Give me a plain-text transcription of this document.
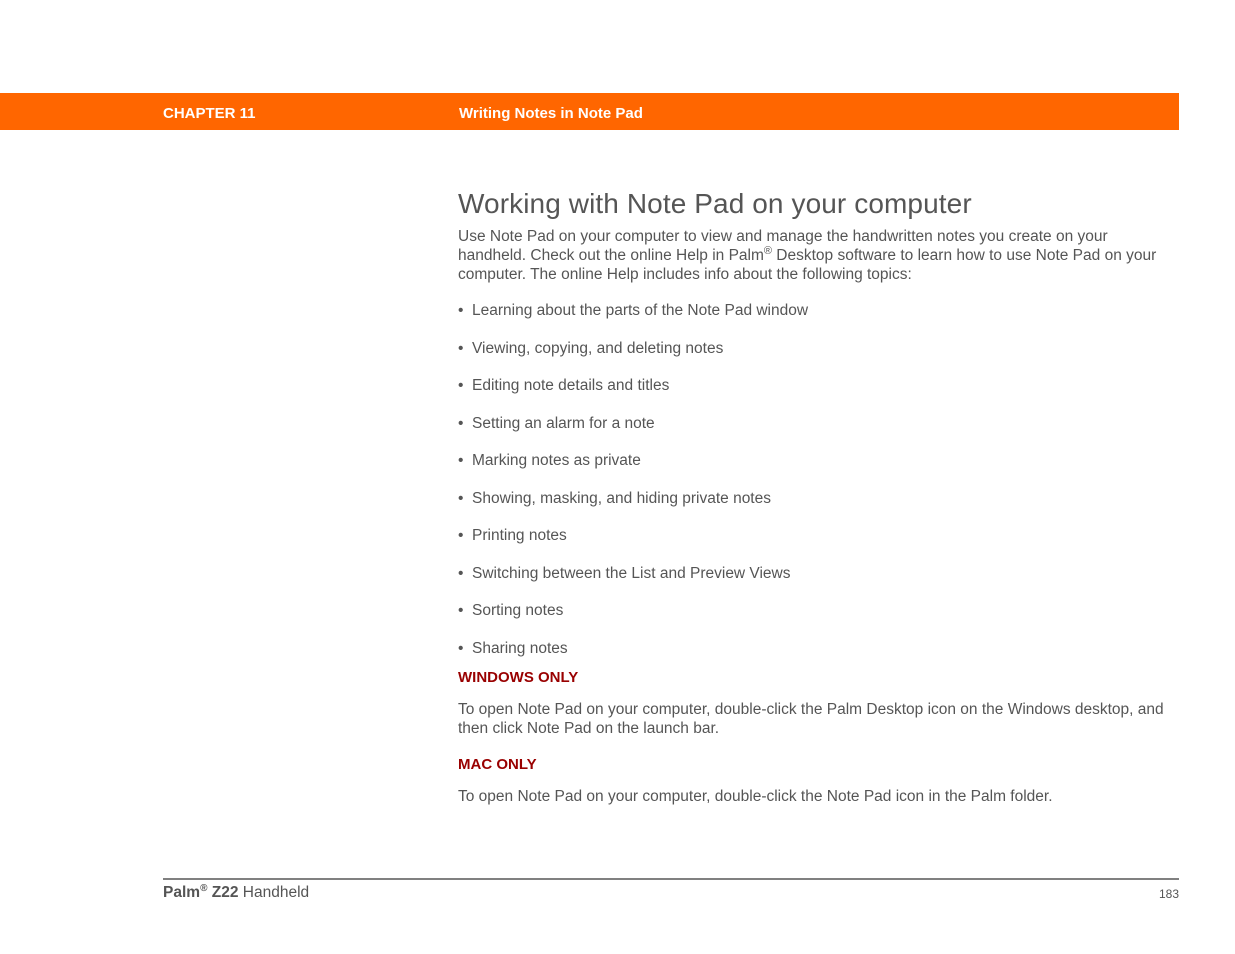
CHAPTER 11	Writing Notes in Note Pad
Working with Note Pad on your computer

Use Note Pad on your computer to view and manage the handwritten notes you create on your handheld. Check out the online Help in Palm® Desktop software to learn how to use Note Pad on your computer. The online Help includes info about the following topics:

• Learning about the parts of the Note Pad window
• Viewing, copying, and deleting notes
• Editing note details and titles
• Setting an alarm for a note
• Marking notes as private
• Showing, masking, and hiding private notes
• Printing notes
• Switching between the List and Preview Views
• Sorting notes
• Sharing notes
WINDOWS ONLY

To open Note Pad on your computer, double-click the Palm Desktop icon on the Windows desktop, and then click Note Pad on the launch bar.

MAC ONLY

To open Note Pad on your computer, double-click the Note Pad icon in the Palm folder.

Palm® Z22 Handheld	183
